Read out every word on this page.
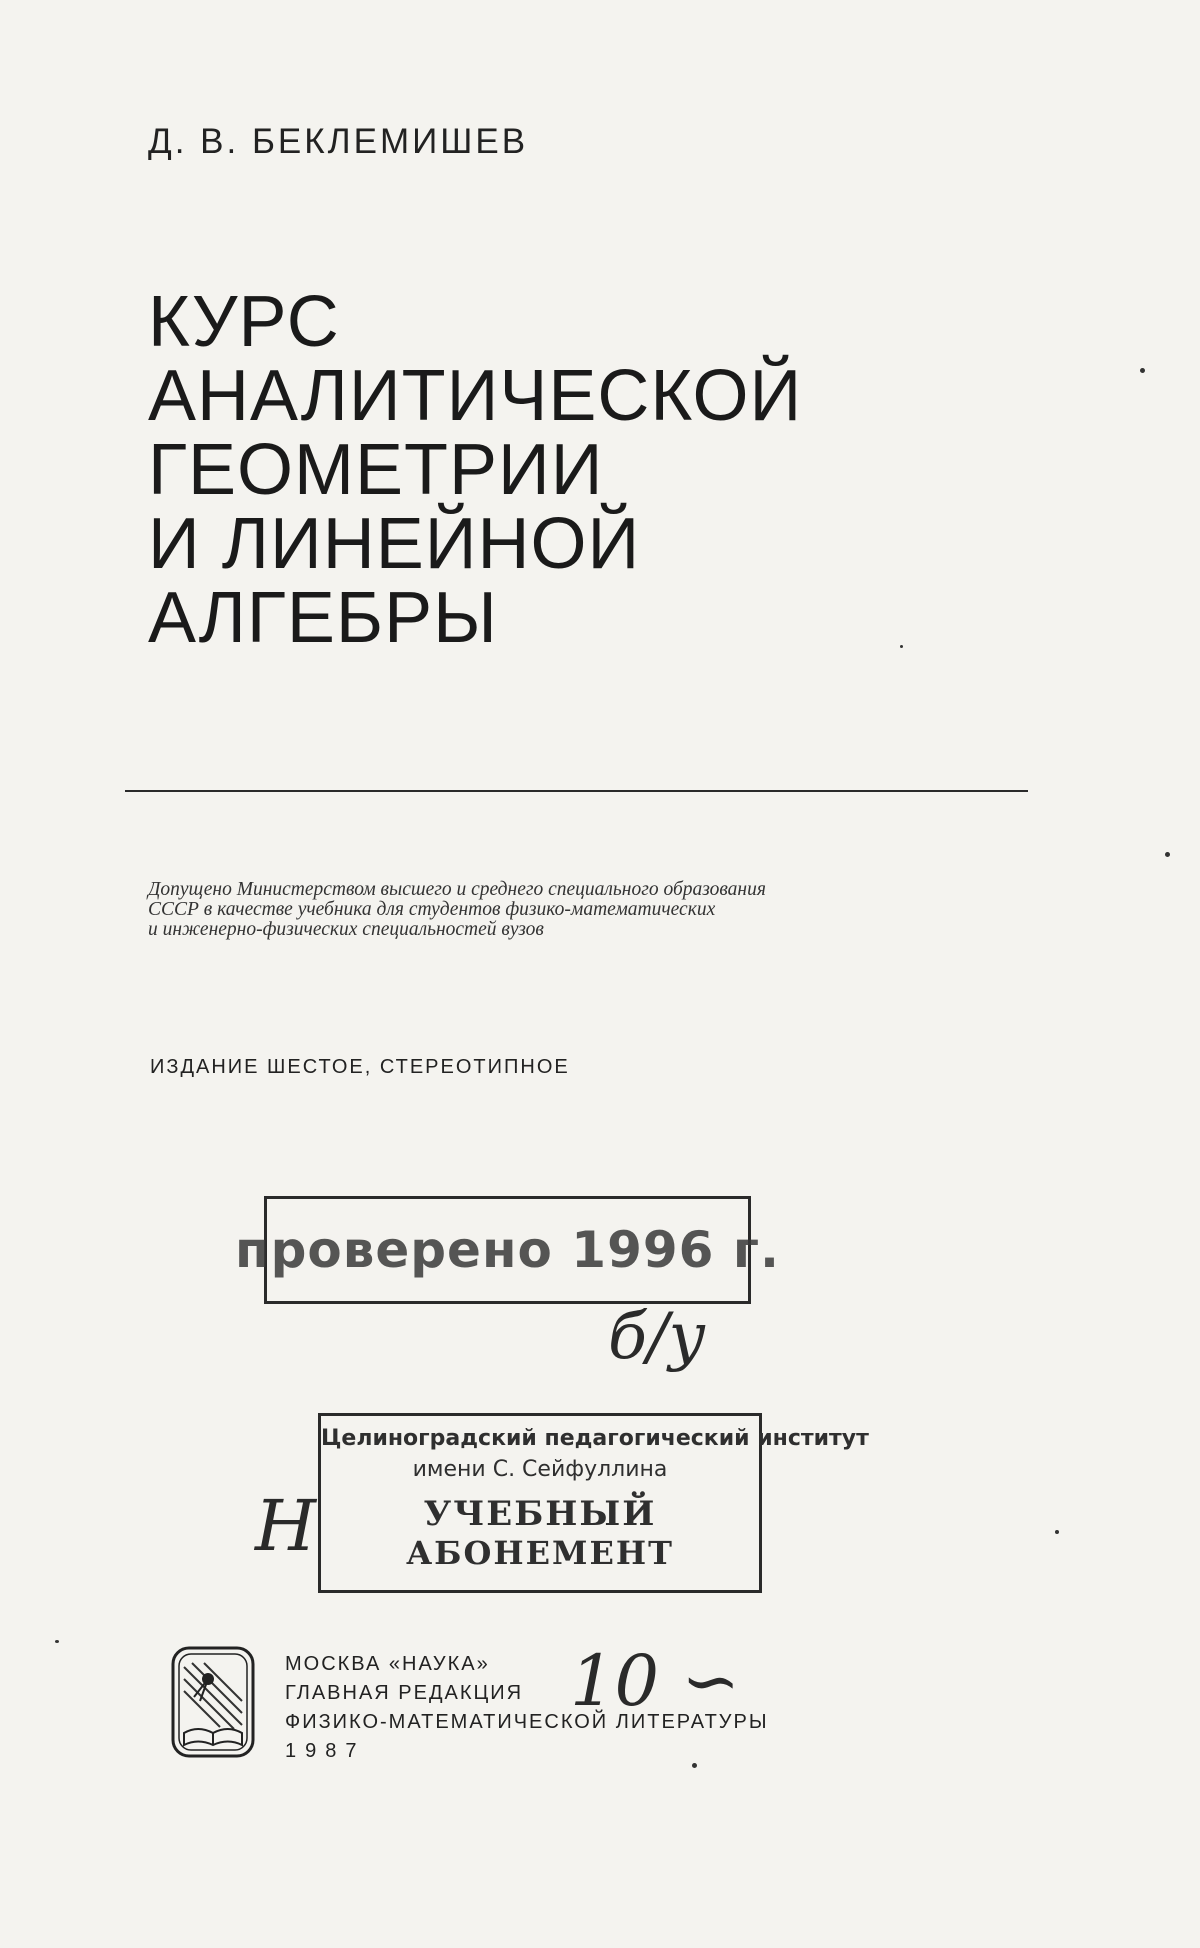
Д. В. БЕКЛЕМИШЕВ
КУРС
АНАЛИТИЧЕСКОЙ
ГЕОМЕТРИИ
И ЛИНЕЙНОЙ
АЛГЕБРЫ
Допущено Министерством высшего и среднего специального образования
СССР в качестве учебника для студентов физико-математических
и инженерно-физических специальностей вузов
ИЗДАНИЕ ШЕСТОЕ, СТЕРЕОТИПНОЕ
проверено 1996 г.
б/у
Н
Целиноградский педагогический институт
имени С. Сейфуллина
УЧЕБНЫЙ
АБОНЕМЕНТ
МОСКВА «НАУКА»
ГЛАВНАЯ РЕДАКЦИЯ
ФИЗИКО-МАТЕМАТИЧЕСКОЙ ЛИТЕРАТУРЫ
1987
10 ∽
